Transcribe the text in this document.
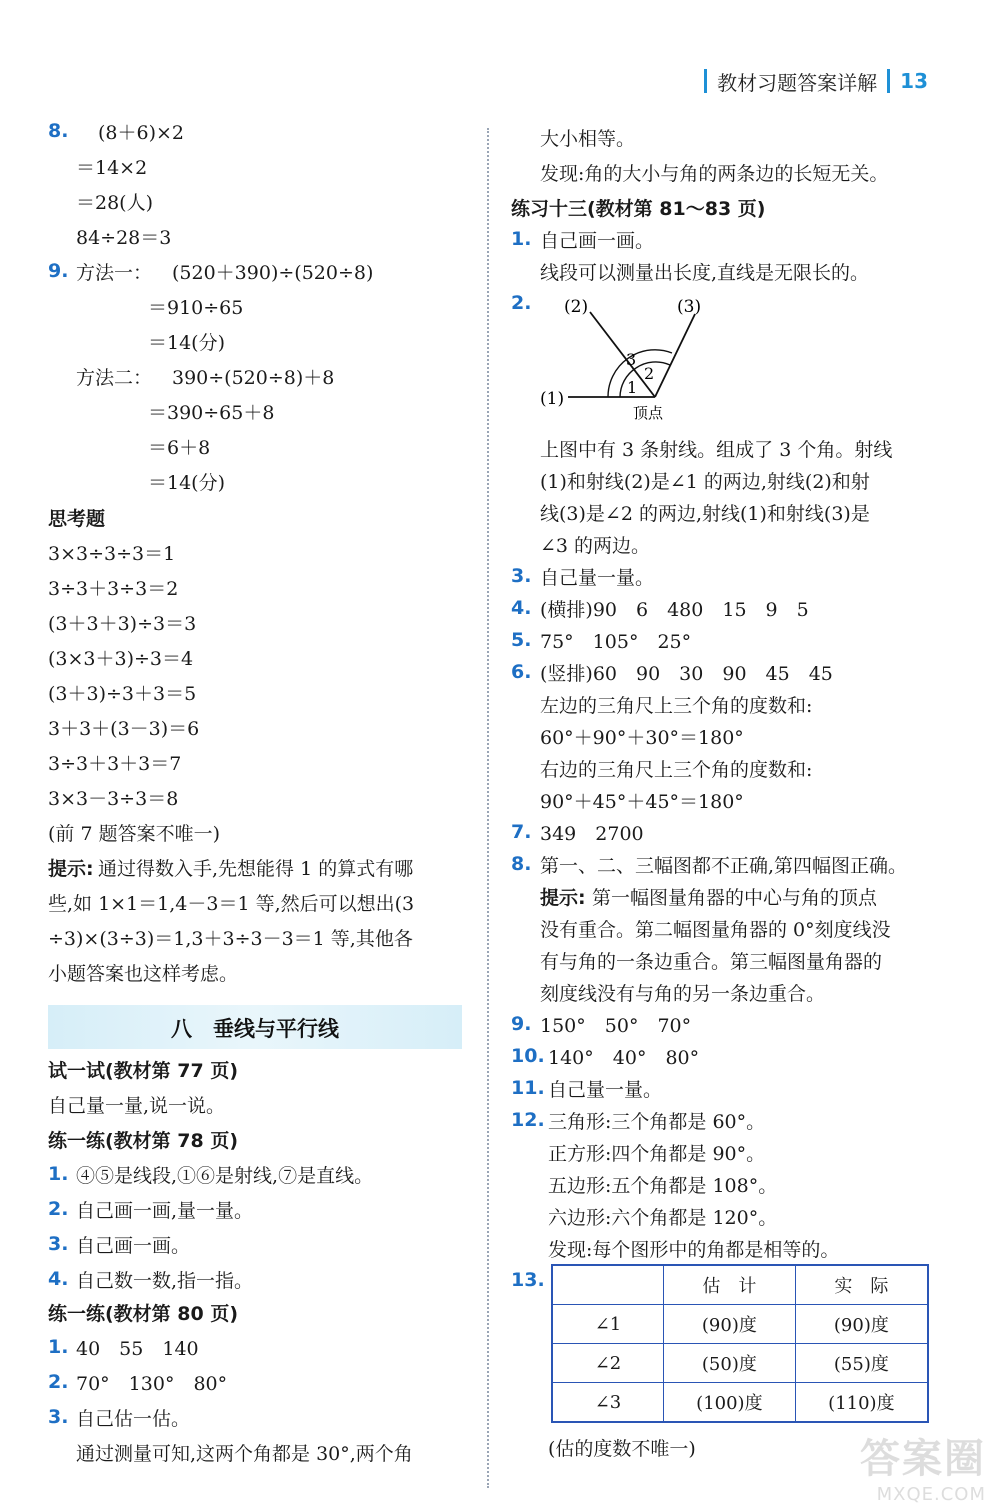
教材习题答案详解 13
8. (8＋6)×2
＝14×2
＝28(人)
84÷28＝3
9. 方法一： (520＋390)÷(520÷8)
＝910÷65
＝14(分)
方法二： 390÷(520÷8)＋8
＝390÷65＋8
＝6＋8
＝14(分)
思考题
3×3÷3÷3＝1
3÷3＋3÷3＝2
(3＋3＋3)÷3＝3
(3×3＋3)÷3＝4
(3＋3)÷3＋3＝5
3＋3＋(3－3)＝6
3÷3＋3＋3＝7
3×3－3÷3＝8
(前 7 题答案不唯一)
提示: 通过得数入手,先想能得 1 的算式有哪
些,如 1×1＝1,4－3＝1 等,然后可以想出(3
÷3)×(3÷3)＝1,3＋3÷3－3＝1 等,其他各
小题答案也这样考虑。
八　垂线与平行线
试一试(教材第 77 页)
自己量一量,说一说。
练一练(教材第 78 页)
1. ④⑤是线段,①⑥是射线,⑦是直线。
2. 自己画一画,量一量。
3. 自己画一画。
4. 自己数一数,指一指。
练一练(教材第 80 页)
1. 40　55　140
2. 70°　130°　80°
3. 自己估一估。
通过测量可知,这两个角都是 30°,两个角
大小相等。
发现:角的大小与角的两条边的长短无关。
练习十三(教材第 81～83 页)
1. 自己画一画。
线段可以测量出长度,直线是无限长的。
2.
(1)
(2)	(3)
1
2
3
顶点
上图中有 3 条射线。组成了 3 个角。射线
(1)和射线(2)是∠1 的两边,射线(2)和射
线(3)是∠2 的两边,射线(1)和射线(3)是
∠3 的两边。
3. 自己量一量。
4. (横排)90　6　480　15　9　5
5. 75°　105°　25°
6. (竖排)60　90　30　90　45　45
左边的三角尺上三个角的度数和:
60°＋90°＋30°＝180°
右边的三角尺上三个角的度数和:
90°＋45°＋45°＝180°
7. 349　2700
8. 第一、二、三幅图都不正确,第四幅图正确。
提示: 第一幅图量角器的中心与角的顶点
没有重合。第二幅图量角器的 0°刻度线没
有与角的一条边重合。第三幅图量角器的
刻度线没有与角的另一条边重合。
9. 150°　50°　70°
10. 140°　40°　80°
11. 自己量一量。
12. 三角形:三个角都是 60°。
正方形:四个角都是 90°。
五边形:五个角都是 108°。
六边形:六个角都是 120°。
发现:每个图形中的角都是相等的。
13.
		估　计	实　际
∠1	(90)度	(90)度
∠2	(50)度	(55)度
∠3	(100)度	(110)度
(估的度数不唯一)	答案圈
MXQE.COM
